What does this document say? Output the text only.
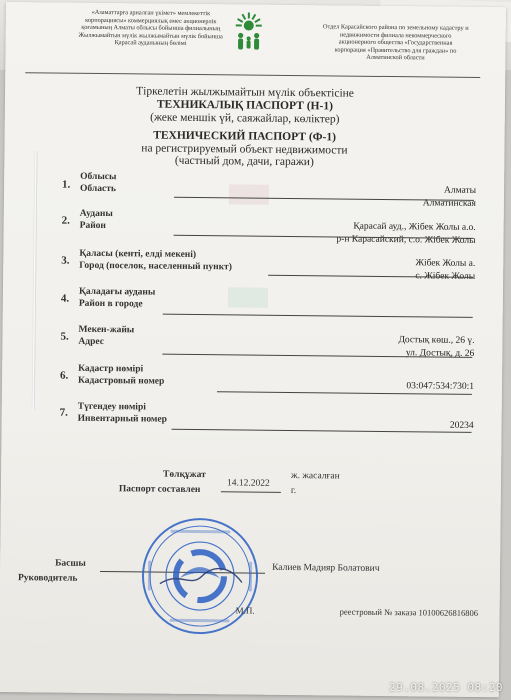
«Азаматтарға арналған үкімет» мемлекеттік
корпорациясы» коммерциялық емес акционерлік
қоғамының Алматы облысы бойынша филиалының
Жылжымайтын мүлік жылжымайтын мүлік бойынша
Қарасай ауданының бөлімі
Отдел Карасайского района по земельному кадастру и
недвижимости филиала некоммерческого
акционерного общества «Государственная
корпорация «Правительство для граждан» по
Алматинской области
Тіркелетін жылжымайтын мүлік объектісіне
ТЕХНИКАЛЫҚ ПАСПОРТ (Н-1)
(жеке меншік үй, саяжайлар, көліктер)
ТЕХНИЧЕСКИЙ ПАСПОРТ (Ф-1)
на регистрируемый объект недвижимости
(частный дом, дачи, гаражи)
1.
Облысы
Область	Алматы
Алматинская
2.
Ауданы
Район	Қарасай ауд., Жібек Жолы а.о.
р-н Карасайский, с.о. Жібек Жолы
3.
Қаласы (кенті, елді мекені)
Город (поселок, населенный пункт)	Жібек Жолы а.
с. Жібек Жолы
4.
Қаладағы ауданы
Район в городе
5.
Мекен-жайы
Адрес	Достық көш., 26 ү.
ул. Достық, д. 26
6.
Кадастр нөмірі
Кадастровый номер	03:047:534:730:1
7. Түгендеу нөмірі
Инвентарный номер
20234
Төлқұжат
Паспорт составлен
14.12.2022
ж. жасалған
г.
Басшы
Руководитель
Калиев Мадияр Болатович
М.П.	реестровый № заказа 10100626816806
29.08.2025 08:20
